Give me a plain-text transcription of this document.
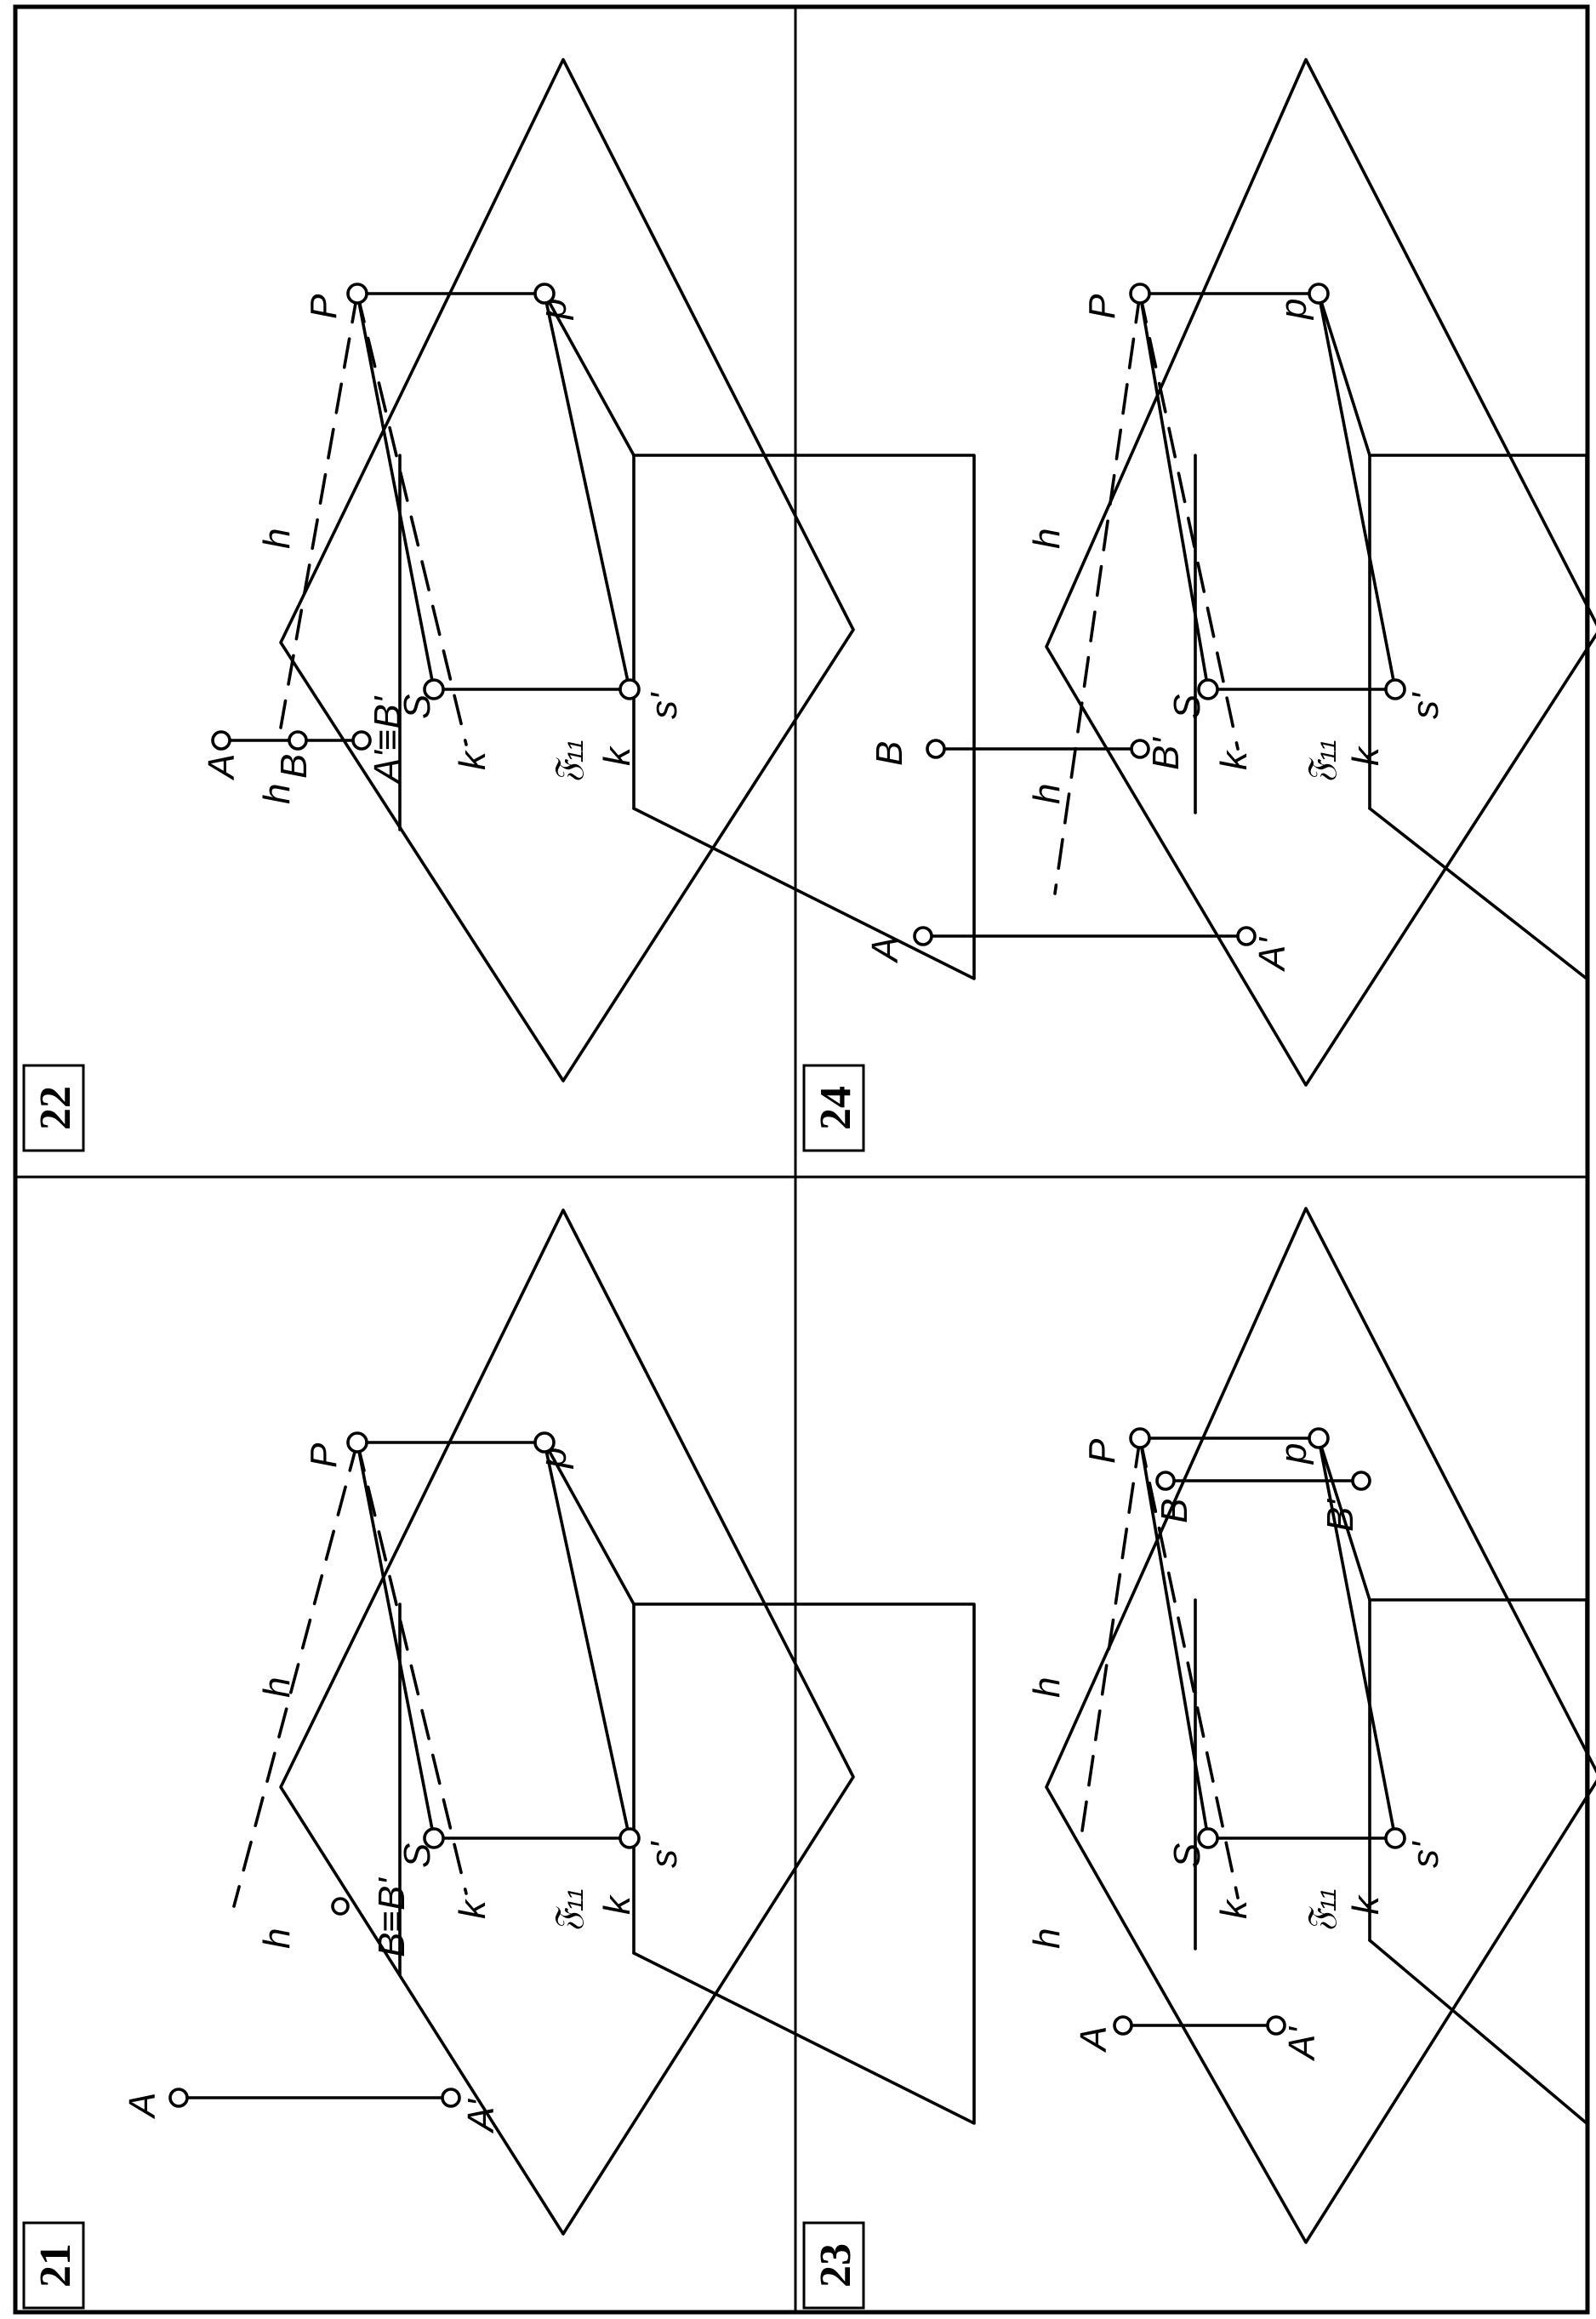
21
A	A'
B≡B'
P	p
S	s'
h
h
k	k
𝔉₁₁
22
A B A'≡B'
P	p
S	s'
h
h
k	k
𝔉₁₁
23
A	A'
B	B'
P	p
S	s'
h
h
k k
𝔉₁₁
24
A	A'
B	B'
P	p
S	s'
h
h
k k
𝔉₁₁
